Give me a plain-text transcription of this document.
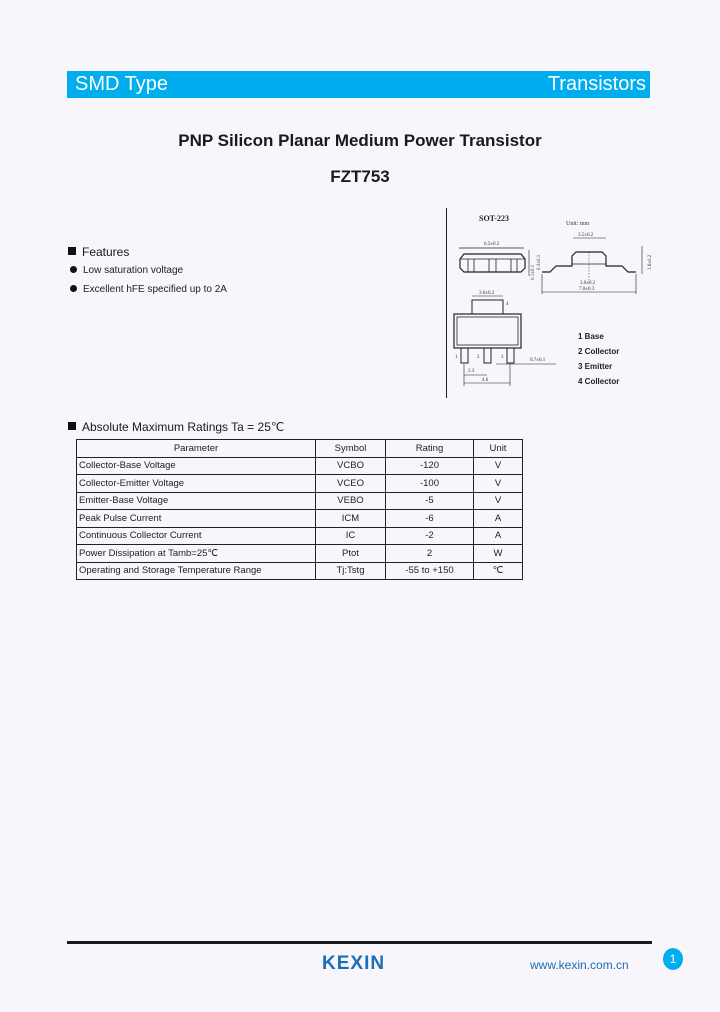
SMD Type	Transistors
PNP Silicon Planar Medium Power Transistor
FZT753
Features
Low saturation voltage
Excellent hFE specified up to 2A
SOT-223
Unit: mm
6.5±0.2
0.1±0.1
0.3±0.1
3.5±0.2
3.0±0.2
7.0±0.3
1.6±0.2
3.0±0.2
4
1	2	3
2.3
4.6
0.7±0.1
1 Base
2 Collector
3 Emitter
4 Collector
Absolute Maximum Ratings Ta = 25℃
Parameter	Symbol	Rating	Unit
Collector-Base Voltage	VCBO	-120	V
Collector-Emitter Voltage	VCEO	-100	V
Emitter-Base Voltage	VEBO	-5	V
Peak Pulse Current	ICM	-6	A
Continuous Collector Current	IC	-2	A
Power Dissipation at Tamb=25℃	Ptot	2	W
Operating and Storage Temperature Range	Tj:Tstg	-55 to +150	℃
KEXIN	www.kexin.com.cn	1
